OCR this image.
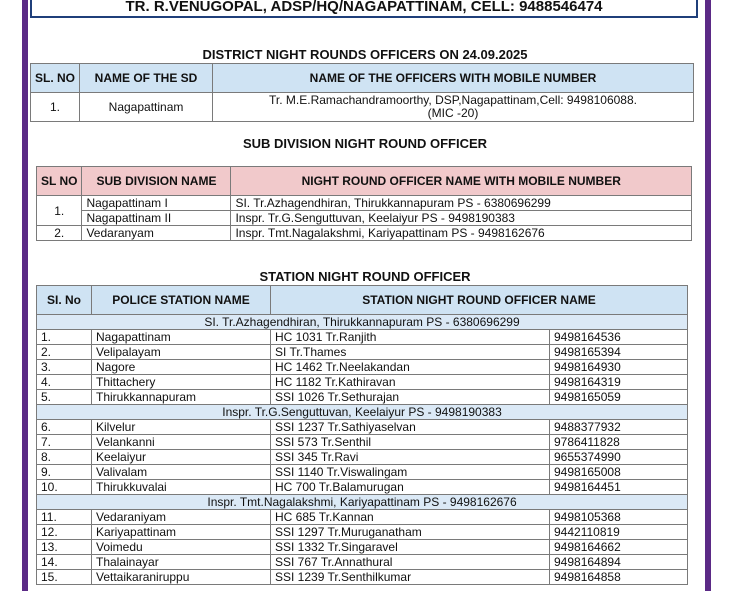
TR. R.VENUGOPAL, ADSP/HQ/NAGAPATTINAM, CELL: 9488546474
DISTRICT NIGHT ROUNDS OFFICERS ON 24.09.2025
SL. NO	NAME OF THE SD	NAME OF THE OFFICERS WITH MOBILE NUMBER
1.	Nagapattinam	Tr. M.E.Ramachandramoorthy, DSP,Nagapattinam,Cell: 9498106088.
(MIC -20)
SUB DIVISION NIGHT ROUND OFFICER
SL NO	SUB DIVISION NAME	NIGHT ROUND OFFICER NAME WITH MOBILE NUMBER
1.	Nagapattinam I	SI. Tr.Azhagendhiran, Thirukkannapuram PS - 6380696299
	Nagapattinam II	Inspr. Tr.G.Senguttuvan, Keelaiyur PS - 9498190383
2.	Vedaranyam	Inspr. Tmt.Nagalakshmi, Kariyapattinam PS - 9498162676
STATION NIGHT ROUND OFFICER
SI. No	POLICE STATION NAME	STATION NIGHT ROUND OFFICER NAME	
SI. Tr.Azhagendhiran, Thirukkannapuram PS - 6380696299			
1.	Nagapattinam	HC 1031 Tr.Ranjith	9498164536
2.	Velipalayam	SI Tr.Thames	9498165394
3.	Nagore	HC 1462 Tr.Neelakandan	9498164930
4.	Thittachery	HC 1182 Tr.Kathiravan	9498164319
5.	Thirukkannapuram	SSI 1026 Tr.Sethurajan	9498165059
Inspr. Tr.G.Senguttuvan, Keelaiyur PS - 9498190383			
6.	Kilvelur	SSI 1237 Tr.Sathiyaselvan	9488377932
7.	Velankanni	SSI 573 Tr.Senthil	9786411828
8.	Keelaiyur	SSI 345 Tr.Ravi	9655374990
9.	Valivalam	SSI 1140 Tr.Viswalingam	9498165008
10.	Thirukkuvalai	HC 700 Tr.Balamurugan	9498164451
Inspr. Tmt.Nagalakshmi, Kariyapattinam PS - 9498162676			
11.	Vedaraniyam	HC 685 Tr.Kannan	9498105368
12.	Kariyapattinam	SSI 1297 Tr.Muruganatham	9442110819
13.	Voimedu	SSI 1332 Tr.Singaravel	9498164662
14.	Thalainayar	SSI 767 Tr.Annathural	9498164894
15.	Vettaikaraniruppu	SSI 1239 Tr.Senthilkumar	9498164858
